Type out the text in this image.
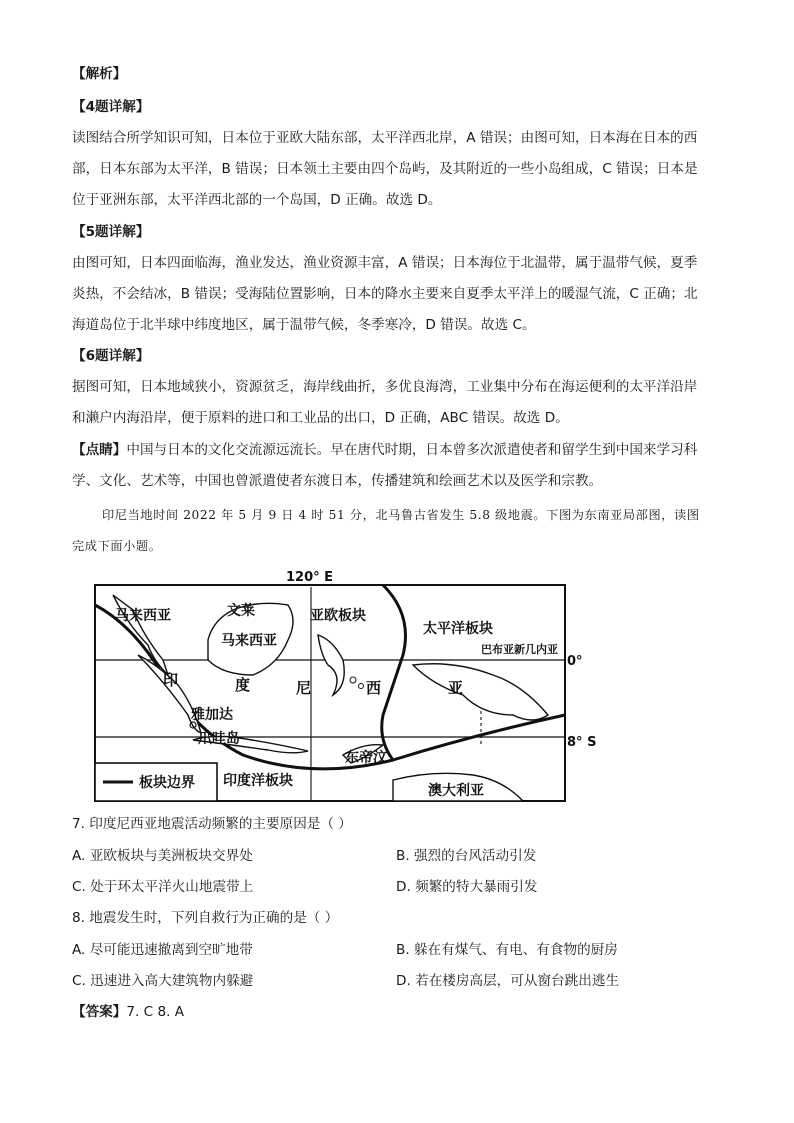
【解析】
【4题详解】
读图结合所学知识可知，日本位于亚欧大陆东部，太平洋西北岸，A 错误；由图可知，日本海在日本的西
部，日本东部为太平洋，B 错误；日本领土主要由四个岛屿，及其附近的一些小岛组成，C 错误；日本是
位于亚洲东部，太平洋西北部的一个岛国，D 正确。故选 D。
【5题详解】
由图可知，日本四面临海，渔业发达，渔业资源丰富，A 错误；日本海位于北温带，属于温带气候，夏季
炎热，不会结冰，B 错误；受海陆位置影响，日本的降水主要来自夏季太平洋上的暖湿气流，C 正确；北
海道岛位于北半球中纬度地区，属于温带气候，冬季寒冷，D 错误。故选 C。
【6题详解】
据图可知，日本地域狭小，资源贫乏，海岸线曲折，多优良海湾，工业集中分布在海运便利的太平洋沿岸
和濑户内海沿岸，便于原料的进口和工业品的出口，D 正确，ABC 错误。故选 D。
【点睛】中国与日本的文化交流源远流长。早在唐代时期，日本曾多次派遣使者和留学生到中国来学习科
学、文化、艺术等，中国也曾派遣使者东渡日本，传播建筑和绘画艺术以及医学和宗教。
印尼当地时间 2022 年 5 月 9 日 4 时 51 分，北马鲁古省发生 5.8 级地震。下图为东南亚局部图，读图
完成下面小题。
120° E
0°
8° S
马来西亚	文莱	亚欧板块
太平洋板块
马来西亚
巴布亚新几内亚
印	度	尼	西	亚
雅加达
爪哇岛
东帝汶
印度洋板块
澳大利亚
板块边界
7. 印度尼西亚地震活动频繁的主要原因是（ ）
A. 亚欧板块与美洲板块交界处	B. 强烈的台风活动引发
C. 处于环太平洋火山地震带上	D. 频繁的特大暴雨引发
8. 地震发生时，下列自救行为正确的是（ ）
A. 尽可能迅速撤离到空旷地带	B. 躲在有煤气、有电、有食物的厨房
C. 迅速进入高大建筑物内躲避	D. 若在楼房高层，可从窗台跳出逃生
【答案】7. C 8. A
